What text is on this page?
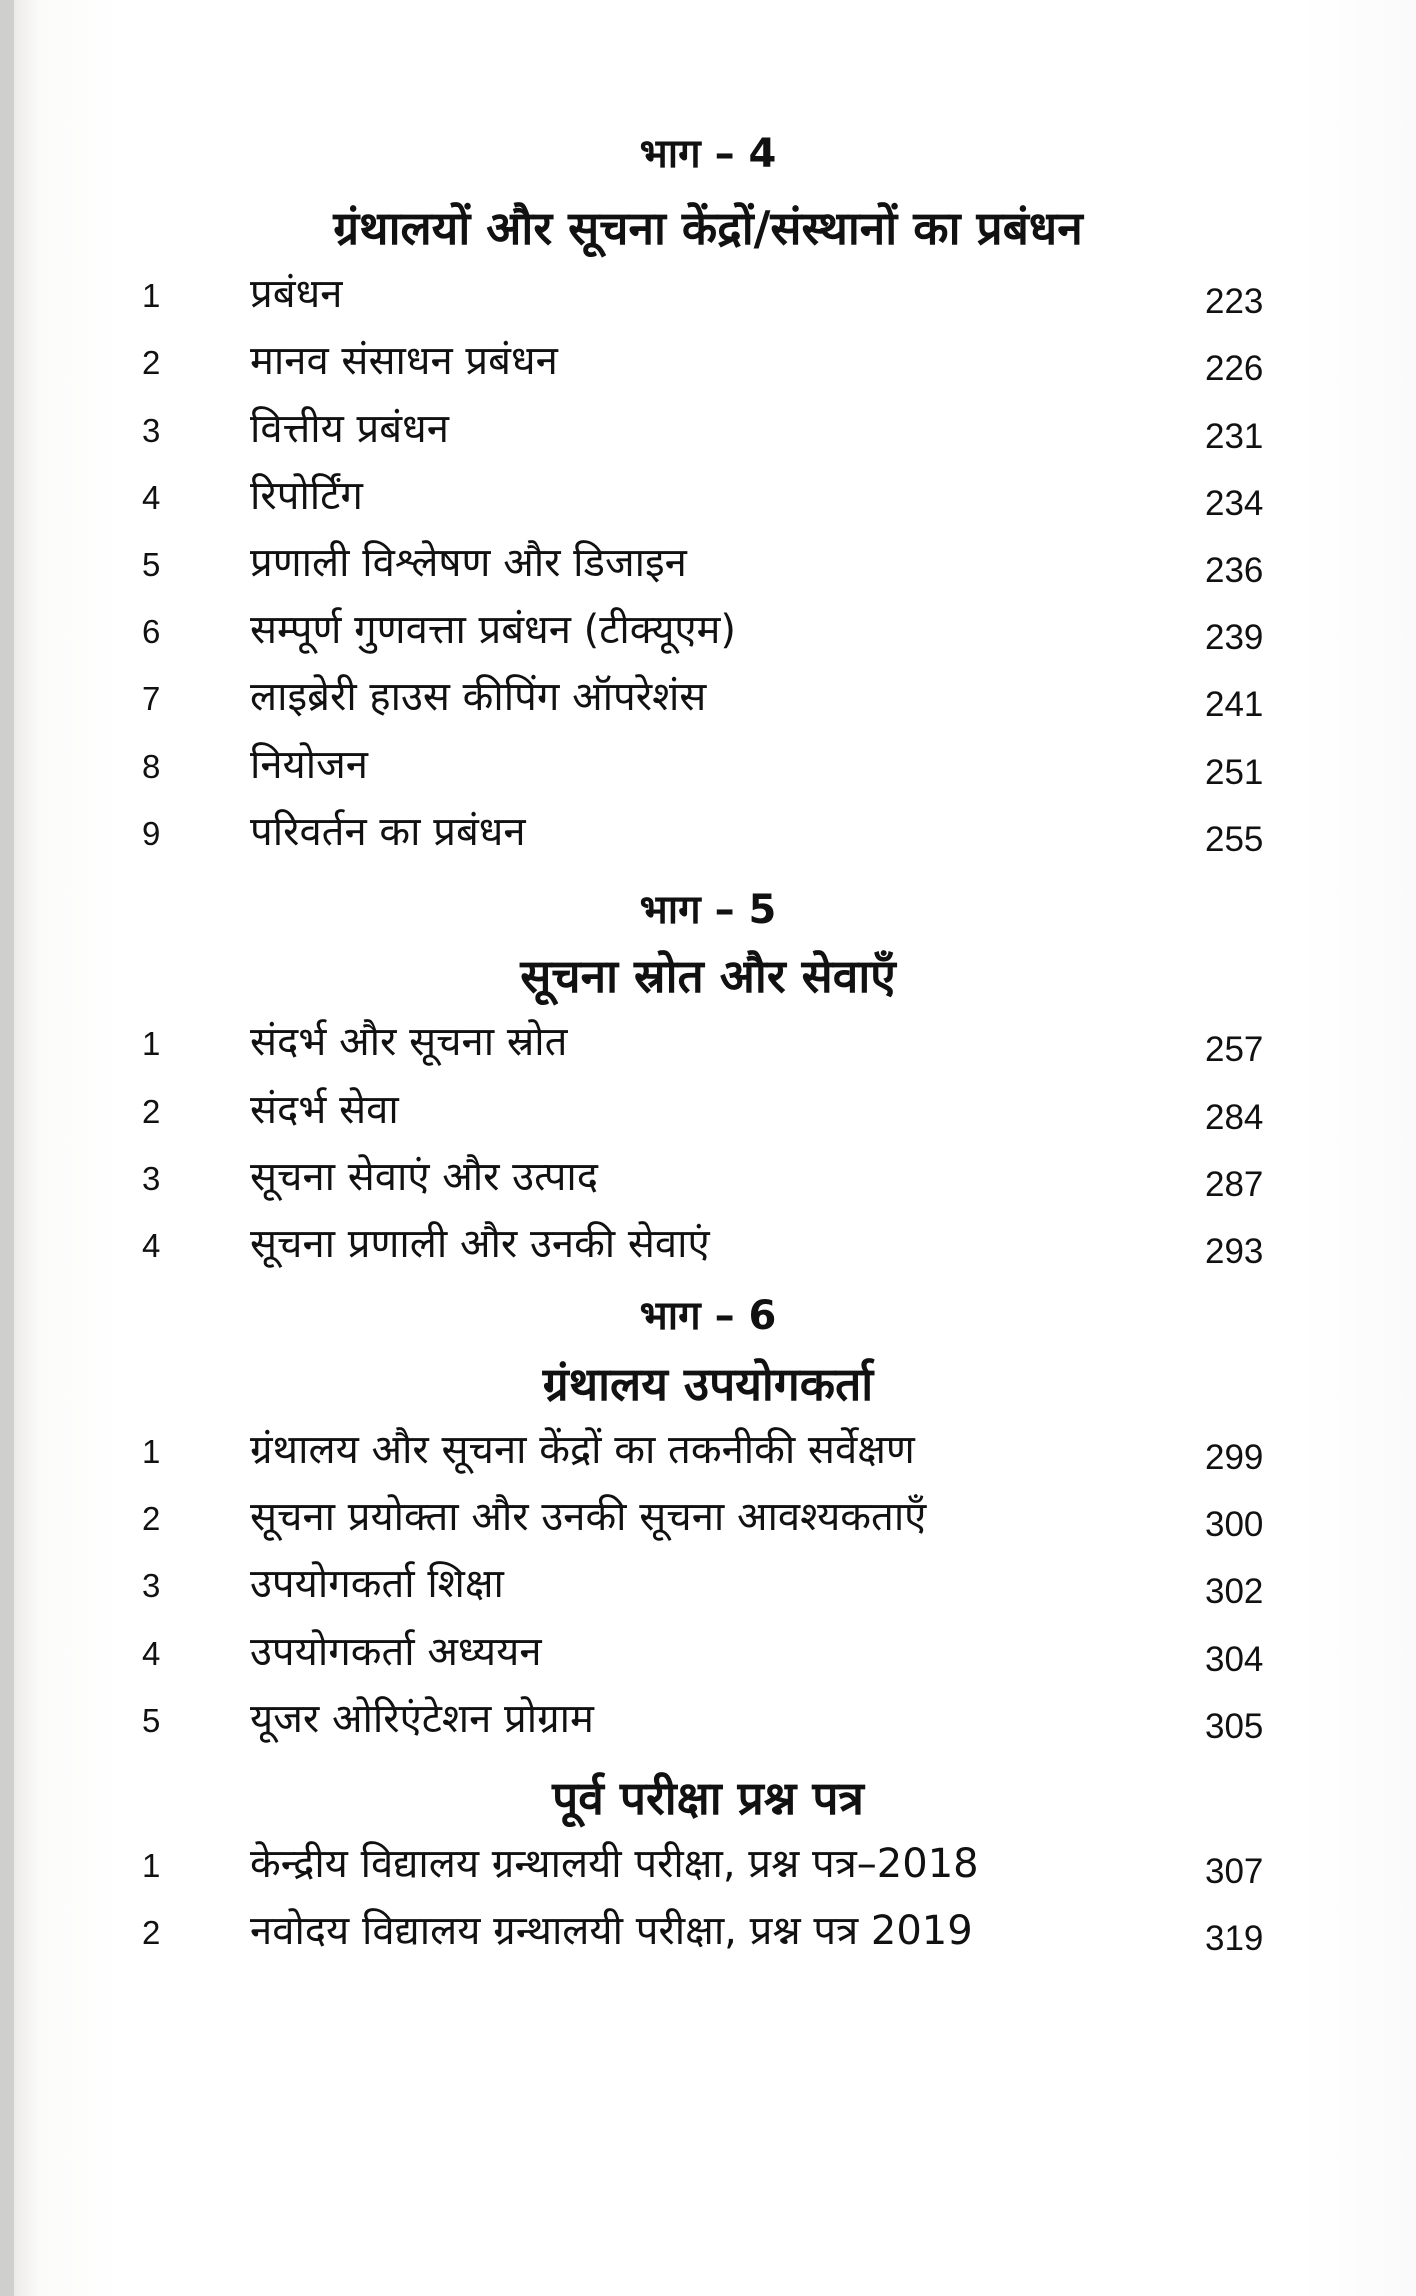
भाग – 4
ग्रंथालयों और सूचना केंद्रों/संस्थानों का प्रबंधन
1 प्रबंधन	223
2 मानव संसाधन प्रबंधन	226
3 वित्तीय प्रबंधन	231
4 रिपोर्टिंग	234
5 प्रणाली विश्लेषण और डिजाइन	236
6 सम्पूर्ण गुणवत्ता प्रबंधन (टीक्यूएम)	239
7 लाइब्रेरी हाउस कीपिंग ऑपरेशंस	241
8 नियोजन	251
9 परिवर्तन का प्रबंधन	255
भाग – 5
सूचना स्रोत और सेवाएँ
1 संदर्भ और सूचना स्रोत	257
2 संदर्भ सेवा	284
3 सूचना सेवाएं और उत्पाद	287
4 सूचना प्रणाली और उनकी सेवाएं	293
भाग – 6
ग्रंथालय उपयोगकर्ता
1 ग्रंथालय और सूचना केंद्रों का तकनीकी सर्वेक्षण	299
2 सूचना प्रयोक्ता और उनकी सूचना आवश्यकताएँ	300
3 उपयोगकर्ता शिक्षा	302
4 उपयोगकर्ता अध्ययन	304
5 यूजर ओरिएंटेशन प्रोग्राम	305
पूर्व परीक्षा प्रश्न पत्र
1 केन्द्रीय विद्यालय ग्रन्थालयी परीक्षा, प्रश्न पत्र–2018	307
2 नवोदय विद्यालय ग्रन्थालयी परीक्षा, प्रश्न पत्र 2019	319
